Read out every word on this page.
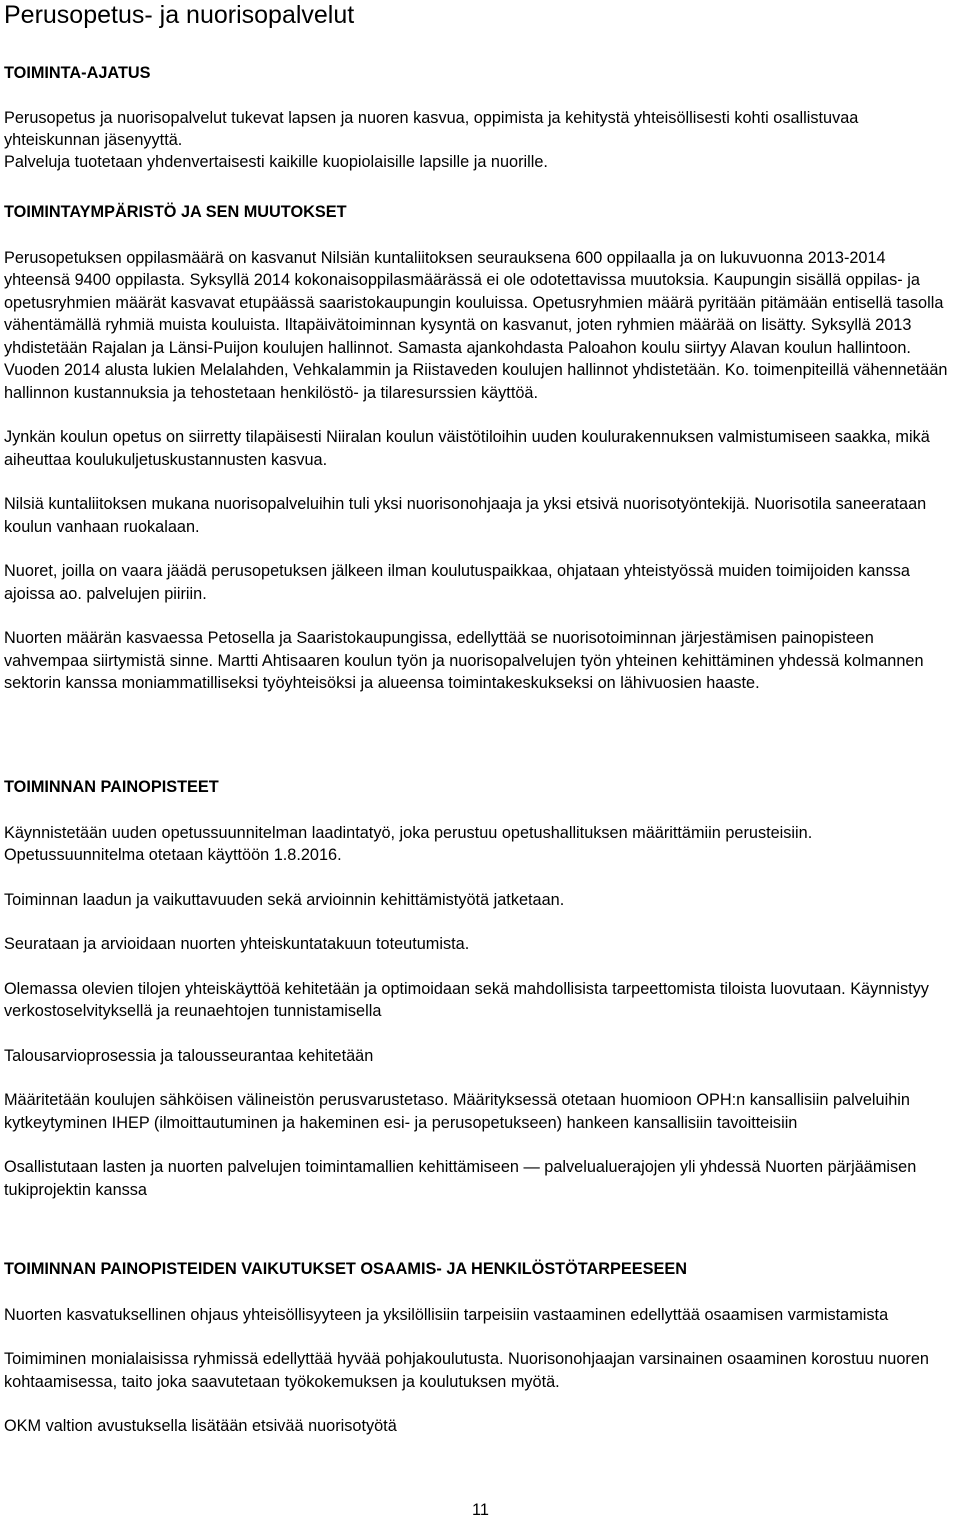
Perusopetus- ja nuorisopalvelut

TOIMINTA-AJATUS

Perusopetus ja nuorisopalvelut tukevat lapsen ja nuoren kasvua, oppimista ja kehitystä yhteisöllisesti kohti osallistuvaa yhteiskunnan jäsenyyttä.

Palveluja tuotetaan yhdenvertaisesti kaikille kuopiolaisille lapsille ja nuorille.

TOIMINTAYMPÄRISTÖ JA SEN MUUTOKSET

Perusopetuksen oppilasmäärä on kasvanut Nilsiän kuntaliitoksen seurauksena 600 oppilaalla ja on lukuvuonna 2013-2014 yhteensä 9400 oppilasta. Syksyllä 2014 kokonaisoppilasmäärässä ei ole odotettavissa muutoksia. Kaupungin sisällä oppilas- ja opetusryhmien määrät kasvavat etupäässä saaristokaupungin kouluissa. Opetusryhmien määrä pyritään pitämään entisellä tasolla vähentämällä ryhmiä muista kouluista. Iltapäivätoiminnan kysyntä on kasvanut, joten ryhmien määrää on lisätty. Syksyllä 2013 yhdistetään Rajalan ja Länsi-Puijon koulujen hallinnot. Samasta ajankohdasta Paloahon koulu siirtyy Alavan koulun hallintoon. Vuoden 2014 alusta lukien Melalahden, Vehkalammin ja Riistaveden koulujen hallinnot yhdistetään. Ko. toimenpiteillä vähennetään hallinnon kustannuksia ja tehostetaan henkilöstö- ja tilaresurssien käyttöä.

Jynkän koulun opetus on siirretty tilapäisesti Niiralan koulun väistötiloihin uuden koulurakennuksen valmistumiseen saakka, mikä aiheuttaa koulukuljetuskustannusten kasvua.

Nilsiä kuntaliitoksen mukana nuorisopalveluihin tuli yksi nuorisonohjaaja ja yksi etsivä nuorisotyöntekijä. Nuorisotila saneerataan koulun vanhaan ruokalaan.

Nuoret, joilla on vaara jäädä perusopetuksen jälkeen ilman koulutuspaikkaa, ohjataan yhteistyössä muiden toimijoiden kanssa ajoissa ao. palvelujen piiriin.

Nuorten määrän kasvaessa Petosella ja Saaristokaupungissa, edellyttää se nuorisotoiminnan järjestämisen painopisteen vahvempaa siirtymistä sinne. Martti Ahtisaaren koulun työn ja nuorisopalvelujen työn yhteinen kehittäminen yhdessä kolmannen sektorin kanssa moniammatilliseksi työyhteisöksi ja alueensa toimintakeskukseksi on lähivuosien haaste.

TOIMINNAN PAINOPISTEET

Käynnistetään uuden opetussuunnitelman laadintatyö, joka perustuu opetushallituksen määrittämiin perusteisiin. Opetussuunnitelma otetaan käyttöön 1.8.2016.

Toiminnan laadun ja vaikuttavuuden sekä arvioinnin kehittämistyötä jatketaan.

Seurataan ja arvioidaan nuorten yhteiskuntatakuun toteutumista.

Olemassa olevien tilojen yhteiskäyttöä kehitetään ja optimoidaan sekä mahdollisista tarpeettomista tiloista luovutaan. Käynnistyy verkostoselvityksellä ja reunaehtojen tunnistamisella

Talousarvioprosessia ja talousseurantaa kehitetään

Määritetään koulujen sähköisen välineistön perusvarustetaso. Määrityksessä otetaan huomioon OPH:n kansallisiin palveluihin kytkeytyminen IHEP (ilmoittautuminen ja hakeminen esi- ja perusopetukseen) hankeen kansallisiin tavoitteisiin

Osallistutaan lasten ja nuorten palvelujen toimintamallien kehittämiseen — palvelualuerajojen yli yhdessä Nuorten pärjäämisen tukiprojektin kanssa

TOIMINNAN PAINOPISTEIDEN VAIKUTUKSET OSAAMIS- JA HENKILÖSTÖTARPEESEEN

Nuorten kasvatuksellinen ohjaus yhteisöllisyyteen ja yksilöllisiin tarpeisiin vastaaminen edellyttää osaamisen varmistamista

Toimiminen monialaisissa ryhmissä edellyttää hyvää pohjakoulutusta. Nuorisonohjaajan varsinainen osaaminen korostuu nuoren kohtaamisessa, taito joka saavutetaan työkokemuksen ja koulutuksen myötä.

OKM valtion avustuksella lisätään etsivää nuorisotyötä

11
